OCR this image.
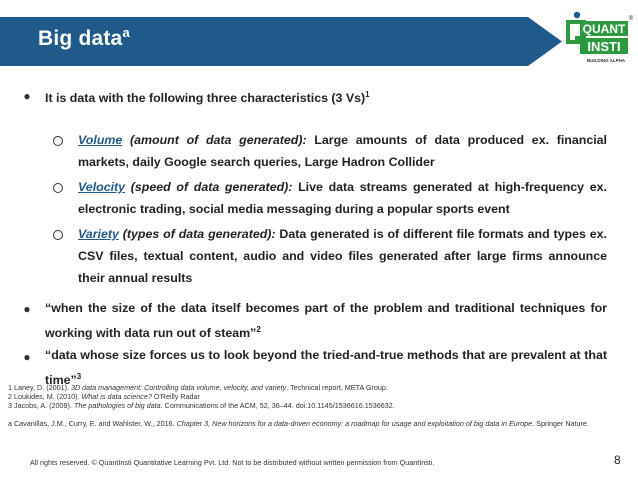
Big data$^a$	QUANT
INSTI
®
BUILDING ALPHA
● It is data with the following three characteristics (3 Vs)$^1$
Volume (amount of data generated): Large amounts of data produced ex. financial markets, daily Google search queries, Large Hadron Collider
Velocity (speed of data generated): Live data streams generated at high-frequency ex. electronic trading, social media messaging during a popular sports event
Variety (types of data generated): Data generated is of different file formats and types ex. CSV files, textual content, audio and video files generated after large firms announce their annual results
● “when the size of the data itself becomes part of the problem and traditional techniques for working with data run out of steam”$^2$
● “data whose size forces us to look beyond the tried-and-true methods that are prevalent at that time”$^3$
1 Laney, D. (2001). 3D data management: Controlling data volume, velocity, and variety. Technical report, META Group.
2 Loukides, M. (2010). What is data science? O'Reilly Radar
3 Jacobs, A. (2009). The pathologies of big data. Communications of the ACM, 52, 36–44. doi:10.1145/1536616.1536632.
a Cavanillas, J.M., Curry, E. and Wahlster, W., 2016. Chapter 3, New horizons for a data-driven economy: a roadmap for usage and exploitation of big data in Europe. Springer Nature.
All rights reserved. © QuantInsti Quantitative Learning Pvt. Ltd. Not to be distributed without written permission from QuantInsti.	8
